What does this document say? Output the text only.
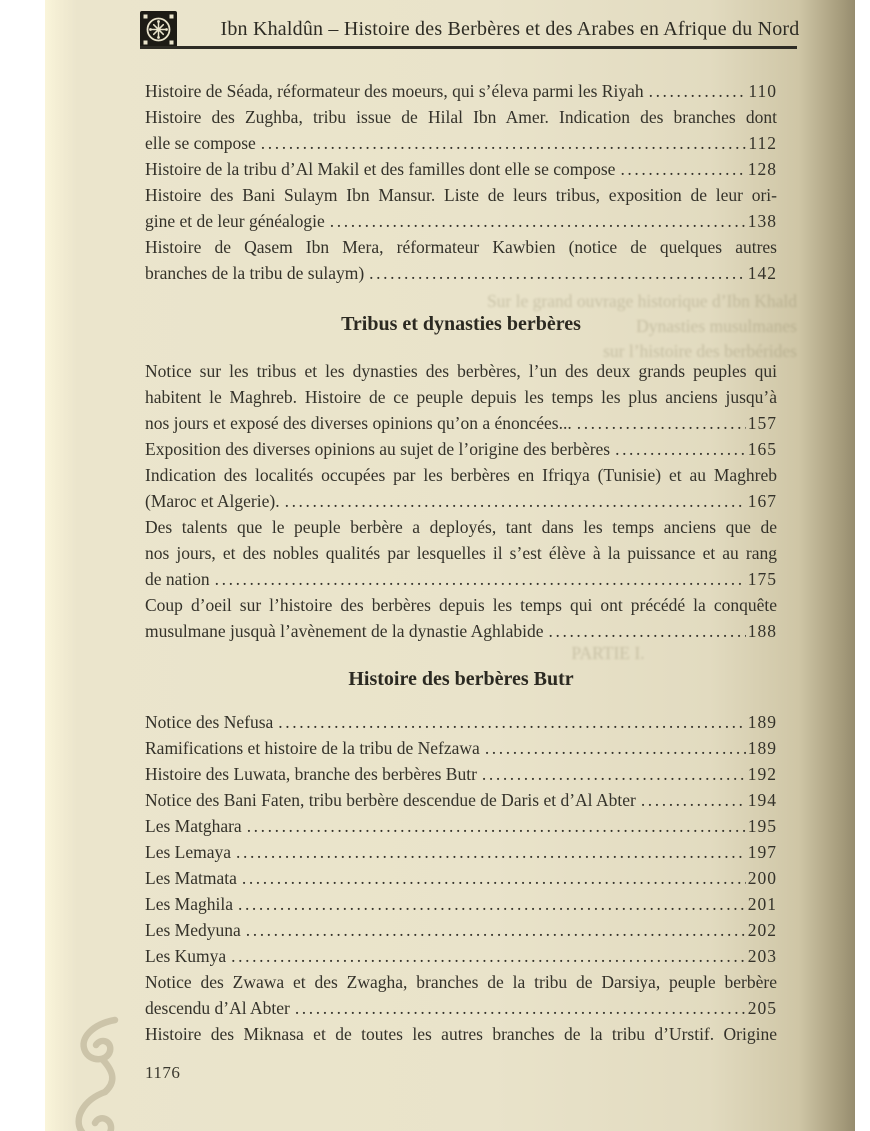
Ibn Khaldûn – Histoire des Berbères et des Arabes en Afrique du Nord
Sur le grand ouvrage historique d’Ibn Khald
Dynasties musulmanes
sur l’histoire des berbérides
PARTIE I.
Histoire de Séada, réformateur des moeurs, qui s’éleva parmi les Riyah .....	110
Histoire des Zughba, tribu issue de Hilal Ibn Amer. Indication des branches dont
elle se compose .....	112
Histoire de la tribu d’Al Makil et des familles dont elle se compose .....	128
Histoire des Bani Sulaym Ibn Mansur. Liste de leurs tribus, exposition de leur ori-
gine et de leur généalogie .....	138
Histoire de Qasem Ibn Mera, réformateur Kawbien (notice de quelques autres
branches de la tribu de sulaym) .....	142
Tribus et dynasties berbères
Notice sur les tribus et les dynasties des berbères, l’un des deux grands peuples qui
habitent le Maghreb. Histoire de ce peuple depuis les temps les plus anciens jusqu’à
nos jours et exposé des diverses opinions qu’on a énoncées... .....	157
Exposition des diverses opinions au sujet de l’origine des berbères .....	165
Indication des localités occupées par les berbères en Ifriqya (Tunisie) et au Maghreb
(Maroc et Algerie). .....	167
Des talents que le peuple berbère a deployés, tant dans les temps anciens que de
nos jours, et des nobles qualités par lesquelles il s’est élève à la puissance et au rang
de nation .....	175
Coup d’oeil sur l’histoire des berbères depuis les temps qui ont précédé la conquête
musulmane jusquà l’avènement de la dynastie Aghlabide .....	188
Histoire des berbères Butr
Notice des Nefusa .....	189
Ramifications et histoire de la tribu de Nefzawa .....	189
Histoire des Luwata, branche des berbères Butr .....	192
Notice des Bani Faten, tribu berbère descendue de Daris et d’Al Abter .....	194
Les Matghara .....	195
Les Lemaya .....	197
Les Matmata .....	200
Les Maghila .....	201
Les Medyuna .....	202
Les Kumya .....	203
Notice des Zwawa et des Zwagha, branches de la tribu de Darsiya, peuple berbère
descendu d’Al Abter .....	205
Histoire des Miknasa et de toutes les autres branches de la tribu d’Urstif. Origine
1176
